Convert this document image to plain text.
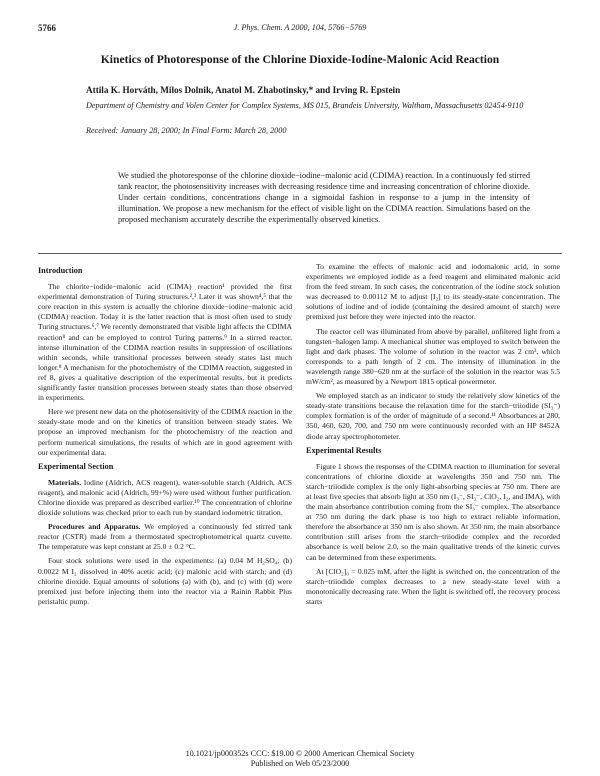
5766	J. Phys. Chem. A 2000, 104, 5766−5769
Kinetics of Photoresponse of the Chlorine Dioxide-Iodine-Malonic Acid Reaction
Attila K. Horváth, Milos Dolnik, Anatol M. Zhabotinsky,* and Irving R. Epstein
Department of Chemistry and Volen Center for Complex Systems, MS 015, Brandeis University, Waltham, Massachusetts 02454-9110
Received: January 28, 2000; In Final Form: March 28, 2000
We studied the photoresponse of the chlorine dioxide−iodine−malonic acid (CDIMA) reaction. In a continuously fed stirred tank reactor, the photosensitivity increases with decreasing residence time and increasing concentration of chlorine dioxide. Under certain conditions, concentrations change in a sigmoidal fashion in response to a jump in the intensity of illumination. We propose a new mechanism for the effect of visible light on the CDIMA reaction. Simulations based on the proposed mechanism accurately describe the experimentally observed kinetics.
Introduction

The chlorite−iodide−malonic acid (CIMA) reaction¹ provided the first experimental demonstration of Turing structures.²,³ Later it was shown⁴,⁵ that the core reaction in this system is actually the chlorine dioxide−iodine−malonic acid (CDIMA) reaction. Today it is the latter reaction that is most often used to study Turing structures.⁶,⁷ We recently demonstrated that visible light affects the CDIMA reaction⁸ and can be employed to control Turing patterns.⁹ In a stirred reactor, intense illumination of the CDIMA reaction results in suppression of oscillations within seconds, while transitional processes between steady states last much longer.⁸ A mechanism for the photochemistry of the CDIMA reaction, suggested in ref 8, gives a qualitative description of the experimental results, but it predicts significantly faster transition processes between steady states than those observed in experiments.

Here we present new data on the photosensitivity of the CDIMA reaction in the steady-state mode and on the kinetics of transition between steady states. We propose an improved mechanism for the photochemistry of the reaction and perform numerical simulations, the results of which are in good agreement with our experimental data.

Experimental Section

Materials. Iodine (Aldrich, ACS reagent), water-soluble starch (Aldrich, ACS reagent), and malonic acid (Aldrich, 99+%) were used without further purification. Chlorine dioxide was prepared as described earlier.¹⁰ The concentration of chlorine dioxide solutions was checked prior to each run by standard iodometric titration.

Procedures and Apparatus. We employed a continuously fed stirred tank reactor (CSTR) made from a thermostated spectrophotometrical quartz cuvette. The temperature was kept constant at 25.0 ± 0.2 °C.

Four stock solutions were used in the experiments: (a) 0.04 M H₂SO₄; (b) 0.0022 M I₂ dissolved in 40% acetic acid; (c) malonic acid with starch; and (d) chlorine dioxide. Equal amounts of solutions (a) with (b), and (c) with (d) were premixed just before injecting them into the reactor via a Rainin Rabbit Plus peristaltic pump.

To examine the effects of malonic acid and iodomalonic acid, in some experiments we employed iodide as a feed reagent and eliminated malonic acid from the feed stream. In such cases, the concentration of the iodine stock solution was decreased to 0.00112 M to adjust [I₂] to its steady-state concentration. The solutions of iodine and of iodide (containing the desired amount of starch) were premixed just before they were injected into the reactor.

The reactor cell was illuminated from above by parallel, unfiltered light from a tungsten−halogen lamp. A mechanical shutter was employed to switch between the light and dark phases. The volume of solution in the reactor was 2 cm³, which corresponds to a path length of 2 cm. The intensity of illumination in the wavelength range 380−620 nm at the surface of the solution in the reactor was 5.5 mW/cm², as measured by a Newport 1815 optical powermeter.

We employed starch as an indicator to study the relatively slow kinetics of the steady-state transitions because the relaxation time for the starch−triiodide (SI₃⁻) complex formation is of the order of magnitude of a second.¹¹ Absorbances at 280, 350, 460, 620, 700, and 750 nm were continuously recorded with an HP 8452A diode array spectrophotometer.

Experimental Results

Figure 1 shows the responses of the CDIMA reaction to illumination for several concentrations of chlorine dioxide at wavelengths 350 and 750 nm. The starch−triiodide complex is the only light-absorbing species at 750 nm. There are at least five species that absorb light at 350 nm (I₃⁻, SI₃⁻, ClO₂, I₂, and IMA), with the main absorbance contribution coming from the SI₃⁻ complex. The absorbance at 750 nm during the dark phase is too high to extract reliable information, therefore the absorbance at 350 nm is also shown. At 350 nm, the main absorbance contribution still arises from the starch−triiodide complex and the recorded absorbance is well below 2.0, so the main qualitative trends of the kinetic curves can be determined from these experiments.

At [ClO₂]₀ = 0.025 mM, after the light is switched on, the concentration of the starch−triiodide complex decreases to a new steady-state level with a monotonically decreasing rate. When the light is switched off, the recovery process starts

10.1021/jp000352s CCC: $19.00 © 2000 American Chemical Society
Published on Web 05/23/2000
